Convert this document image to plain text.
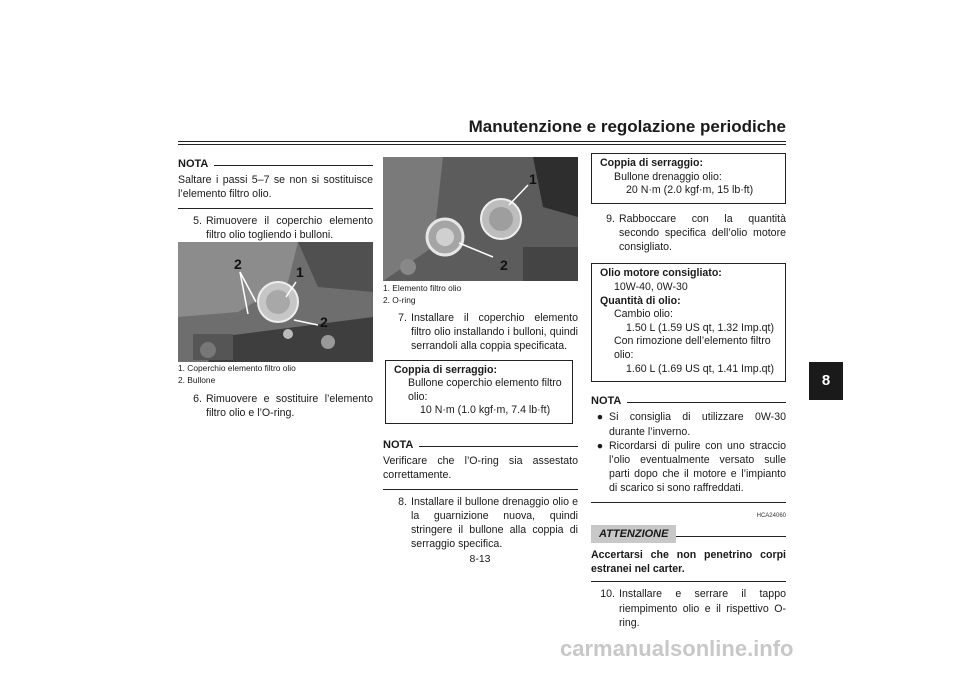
Manutenzione e regolazione periodiche
8
NOTA

Saltare i passi 5–7 se non si sostituisce l’elemento filtro olio.

5. Rimuovere il coperchio elemento filtro olio togliendo i bulloni.
2	1
2
1. Coperchio elemento filtro olio
2. Bullone
6. Rimuovere e sostituire l’elemento filtro olio e l’O-ring.
1
2
1. Elemento filtro olio
2. O-ring
7. Installare il coperchio elemento filtro olio installando i bulloni, quindi serrandoli alla coppia specificata.
Coppia di serraggio:
Bullone coperchio elemento filtro olio:
10 N·m (1.0 kgf·m, 7.4 lb·ft)
NOTA

Verificare che l’O-ring sia assestato correttamente.

8. Installare il bullone drenaggio olio e la guarnizione nuova, quindi stringere il bullone alla coppia di serraggio specifica.
Coppia di serraggio:
Bullone drenaggio olio:
20 N·m (2.0 kgf·m, 15 lb·ft)
9. Rabboccare con la quantità secondo specifica dell’olio motore consigliato.
Olio motore consigliato:
10W-40, 0W-30
Quantità di olio:
Cambio olio:
1.50 L (1.59 US qt, 1.32 Imp.qt)
Con rimozione dell’elemento filtro olio:
1.60 L (1.69 US qt, 1.41 Imp.qt)
NOTA
● Si consiglia di utilizzare 0W-30 durante l’inverno.
● Ricordarsi di pulire con uno straccio l’olio eventualmente versato sulle parti dopo che il motore e l’impianto di scarico si sono raffreddati.
HCA24060
ATTENZIONE

Accertarsi che non penetrino corpi estranei nel carter.

10. Installare e serrare il tappo riempimento olio e il rispettivo O-ring.
8-13
carmanualsonline.info
